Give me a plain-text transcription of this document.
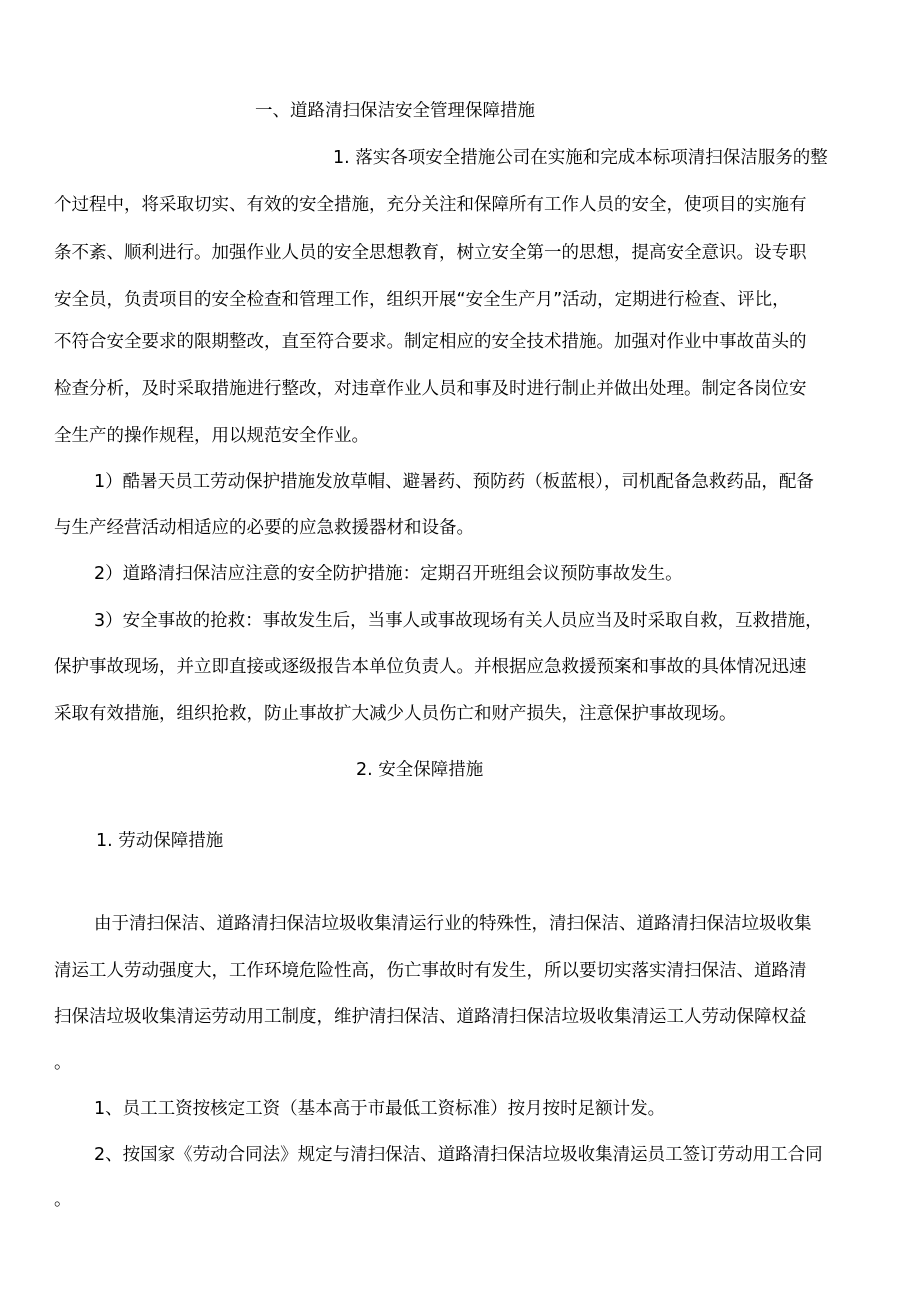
一、道路清扫保洁安全管理保障措施

1. 落实各项安全措施公司在实施和完成本标项清扫保洁服务的整

个过程中，将采取切实、有效的安全措施，充分关注和保障所有工作人员的安全，使项目的实施有

条不紊、顺利进行。加强作业人员的安全思想教育，树立安全第一的思想，提高安全意识。设专职

安全员，负责项目的安全检查和管理工作，组织开展“安全生产月”活动，定期进行检查、评比，

不符合安全要求的限期整改，直至符合要求。制定相应的安全技术措施。加强对作业中事故苗头的

检查分析，及时采取措施进行整改，对违章作业人员和事及时进行制止并做出处理。制定各岗位安

全生产的操作规程，用以规范安全作业。

1）酷暑天员工劳动保护措施发放草帽、避暑药、预防药（板蓝根），司机配备急救药品，配备

与生产经营活动相适应的必要的应急救援器材和设备。

2）道路清扫保洁应注意的安全防护措施：定期召开班组会议预防事故发生。

3）安全事故的抢救：事故发生后，当事人或事故现场有关人员应当及时采取自救，互救措施，

保护事故现场，并立即直接或逐级报告本单位负责人。并根据应急救援预案和事故的具体情况迅速

采取有效措施，组织抢救，防止事故扩大减少人员伤亡和财产损失，注意保护事故现场。

2. 安全保障措施

1. 劳动保障措施

由于清扫保洁、道路清扫保洁垃圾收集清运行业的特殊性，清扫保洁、道路清扫保洁垃圾收集

清运工人劳动强度大，工作环境危险性高，伤亡事故时有发生，所以要切实落实清扫保洁、道路清

扫保洁垃圾收集清运劳动用工制度，维护清扫保洁、道路清扫保洁垃圾收集清运工人劳动保障权益

。

1、员工工资按核定工资（基本高于市最低工资标准）按月按时足额计发。

2、按国家《劳动合同法》规定与清扫保洁、道路清扫保洁垃圾收集清运员工签订劳动用工合同

。
